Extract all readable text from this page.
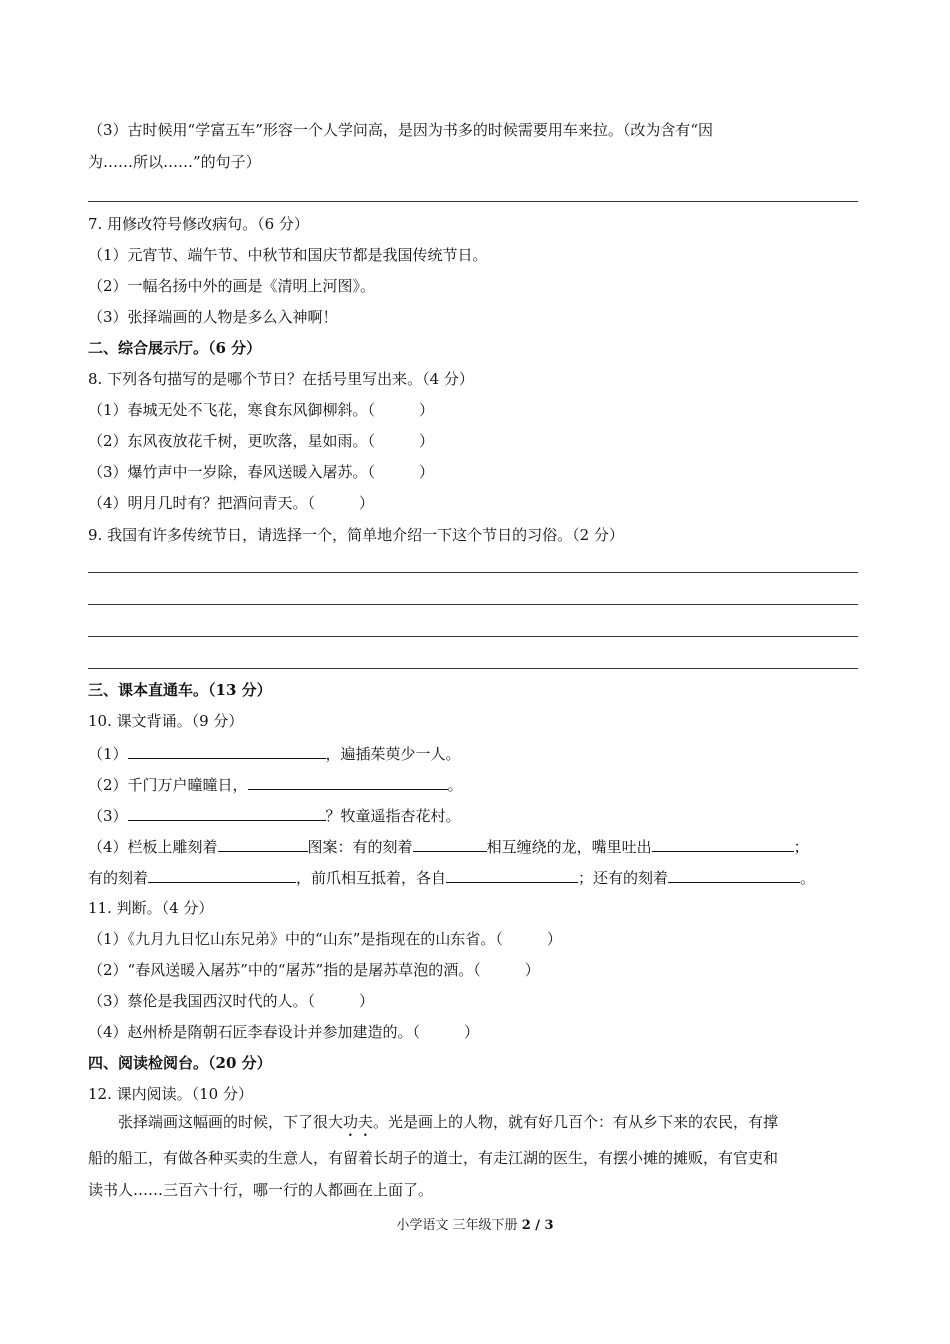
（3）古时候用“学富五车”形容一个人学问高，是因为书多的时候需要用车来拉。（改为含有“因
为……所以……”的句子）
7. 用修改符号修改病句。（6 分）
（1）元宵节、端午节、中秋节和国庆节都是我国传统节日。
（2）一幅名扬中外的画是《清明上河图》。
（3）张择端画的人物是多么入神啊！
二、综合展示厅。（6 分）
8. 下列各句描写的是哪个节日？在括号里写出来。（4 分）
（1）春城无处不飞花，寒食东风御柳斜。（	）
（2）东风夜放花千树，更吹落，星如雨。（	）
（3）爆竹声中一岁除，春风送暖入屠苏。（	）
（4）明月几时有？把酒问青天。（	）
9. 我国有许多传统节日，请选择一个，简单地介绍一下这个节日的习俗。（2 分）
三、课本直通车。（13 分）
10. 课文背诵。（9 分）
（1）	，遍插茱萸少一人。
（2）千门万户曈曈日，	。
（3）	？牧童遥指杏花村。
（4）栏板上雕刻着	图案：有的刻着	相互缠绕的龙，嘴里吐出	；
有的刻着	，前爪相互抵着，各自	；还有的刻着	。
11. 判断。（4 分）
（1）《九月九日忆山东兄弟》中的“山东”是指现在的山东省。（	）
（2）“春风送暖入屠苏”中的“屠苏”指的是屠苏草泡的酒。（	）
（3）蔡伦是我国西汉时代的人。（	）
（4）赵州桥是隋朝石匠李春设计并参加建造的。（	）
四、阅读检阅台。（20 分）
12. 课内阅读。（10 分）
张择端画这幅画的时候，下了很大功夫。光是画上的人物，就有好几百个：有从乡下来的农民，有撑
船的船工，有做各种买卖的生意人，有留着长胡子的道士，有走江湖的医生，有摆小摊的摊贩，有官吏和
读书人……三百六十行，哪一行的人都画在上面了。
小学语文 三年级下册 2 / 3
